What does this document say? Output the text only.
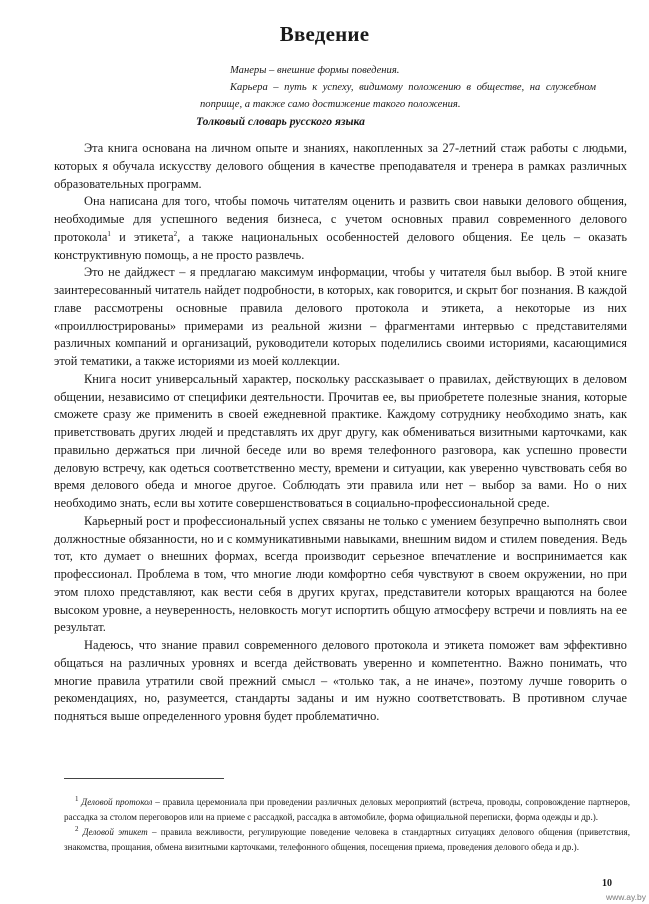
Введение

Манеры – внешние формы поведения.

Карьера – путь к успеху, видимому положению в обществе, на служебном поприще, а также само достижение такого положения.

Толковый словарь русского языка

Эта книга основана на личном опыте и знаниях, накопленных за 27-летний стаж работы с людьми, которых я обучала искусству делового общения в качестве преподавателя и тренера в рамках различных образовательных программ.

Она написана для того, чтобы помочь читателям оценить и развить свои навыки делового общения, необходимые для успешного ведения бизнеса, с учетом основных правил современного делового протокола$^1$ и этикета$^2$, а также национальных особенностей делового общения. Ее цель – оказать конструктивную помощь, а не просто развлечь.

Это не дайджест – я предлагаю максимум информации, чтобы у читателя был выбор. В этой книге заинтересованный читатель найдет подробности, в которых, как говорится, и скрыт бог познания. В каждой главе рассмотрены основные правила делового протокола и этикета, а некоторые из них «проиллюстрированы» примерами из реальной жизни – фрагментами интервью с представителями различных компаний и организаций, руководители которых поделились своими историями, касающимися этой тематики, а также историями из моей коллекции.

Книга носит универсальный характер, поскольку рассказывает о правилах, действующих в деловом общении, независимо от специфики деятельности. Прочитав ее, вы приобретете полезные знания, которые сможете сразу же применить в своей ежедневной практике. Каждому сотруднику необходимо знать, как приветствовать других людей и представлять их друг другу, как обмениваться визитными карточками, как правильно держаться при личной беседе или во время телефонного разговора, как успешно провести деловую встречу, как одеться соответственно месту, времени и ситуации, как уверенно чувствовать себя во время делового обеда и многое другое. Соблюдать эти правила или нет – выбор за вами. Но о них необходимо знать, если вы хотите совершенствоваться в социально-профессиональной среде.

Карьерный рост и профессиональный успех связаны не только с умением безупречно выполнять свои должностные обязанности, но и с коммуникативными навыками, внешним видом и стилем поведения. Ведь тот, кто думает о внешних формах, всегда производит серьезное впечатление и воспринимается как профессионал. Проблема в том, что многие люди комфортно себя чувствуют в своем окружении, но при этом плохо представляют, как вести себя в других кругах, представители которых вращаются на более высоком уровне, а неуверенность, неловкость могут испортить общую атмосферу встречи и повлиять на ее результат.

Надеюсь, что знание правил современного делового протокола и этикета поможет вам эффективно общаться на различных уровнях и всегда действовать уверенно и компетентно. Важно понимать, что многие правила утратили свой прежний смысл – «только так, а не иначе», поэтому лучше говорить о рекомендациях, но, разумеется, стандарты заданы и им нужно соответствовать. В противном случае подняться выше определенного уровня будет проблематично.

$^1$ Деловой протокол – правила церемониала при проведении различных деловых мероприятий (встреча, проводы, сопровождение партнеров, рассадка за столом переговоров или на приеме с рассадкой, рассадка в автомобиле, форма официальной переписки, форма одежды и др.).

$^2$ Деловой этикет – правила вежливости, регулирующие поведение человека в стандартных ситуациях делового общения (приветствия, знакомства, прощания, обмена визитными карточками, телефонного общения, посещения приема, проведения делового обеда и др.).

10
www.ay.by
